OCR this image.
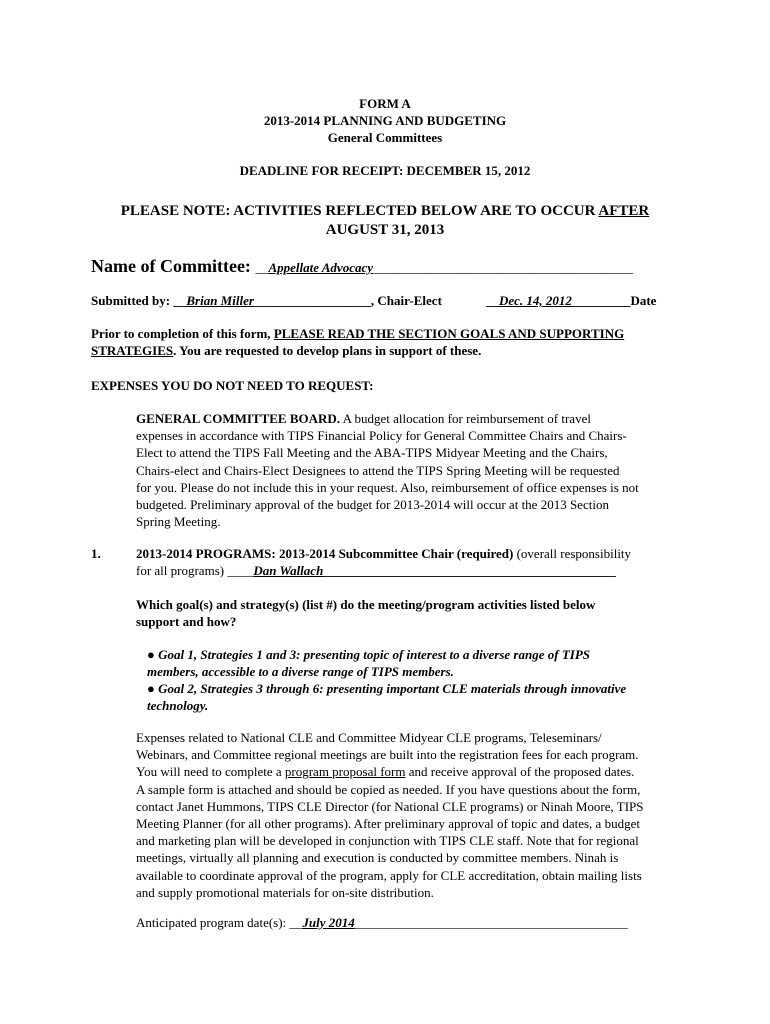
FORM A
2013-2014 PLANNING AND BUDGETING
General Committees
DEADLINE FOR RECEIPT: DECEMBER 15, 2012
PLEASE NOTE: ACTIVITIES REFLECTED BELOW ARE TO OCCUR AFTER
AUGUST 31, 2013
Name of Committee: __Appellate Advocacy________________________________________
Submitted by: __Brian Miller__________________, Chair-Elect	__Dec. 14, 2012_________Date
Prior to completion of this form, PLEASE READ THE SECTION GOALS AND SUPPORTING
STRATEGIES. You are requested to develop plans in support of these.
EXPENSES YOU DO NOT NEED TO REQUEST:

GENERAL COMMITTEE BOARD. A budget allocation for reimbursement of travel

expenses in accordance with TIPS Financial Policy for General Committee Chairs and Chairs-

Elect to attend the TIPS Fall Meeting and the ABA-TIPS Midyear Meeting and the Chairs,

Chairs-elect and Chairs-Elect Designees to attend the TIPS Spring Meeting will be requested

for you. Please do not include this in your request. Also, reimbursement of office expenses is not

budgeted. Preliminary approval of the budget for 2013-2014 will occur at the 2013 Section

Spring Meeting.

1.	2013-2014 PROGRAMS: 2013-2014 Subcommittee Chair (required) (overall responsibility
for all programs) ____Dan Wallach_____________________________________________
Which goal(s) and strategy(s) (list #) do the meeting/program activities listed below
support and how?
● Goal 1, Strategies 1 and 3: presenting topic of interest to a diverse range of TIPS
members, accessible to a diverse range of TIPS members.
● Goal 2, Strategies 3 through 6: presenting important CLE materials through innovative
technology.

Expenses related to National CLE and Committee Midyear CLE programs, Teleseminars/

Webinars, and Committee regional meetings are built into the registration fees for each program.

You will need to complete a program proposal form and receive approval of the proposed dates.

A sample form is attached and should be copied as needed. If you have questions about the form,

contact Janet Hummons, TIPS CLE Director (for National CLE programs) or Ninah Moore, TIPS

Meeting Planner (for all other programs). After preliminary approval of topic and dates, a budget

and marketing plan will be developed in conjunction with TIPS CLE staff. Note that for regional

meetings, virtually all planning and execution is conducted by committee members. Ninah is

available to coordinate approval of the program, apply for CLE accreditation, obtain mailing lists

and supply promotional materials for on-site distribution.

Anticipated program date(s): __July 2014__________________________________________
